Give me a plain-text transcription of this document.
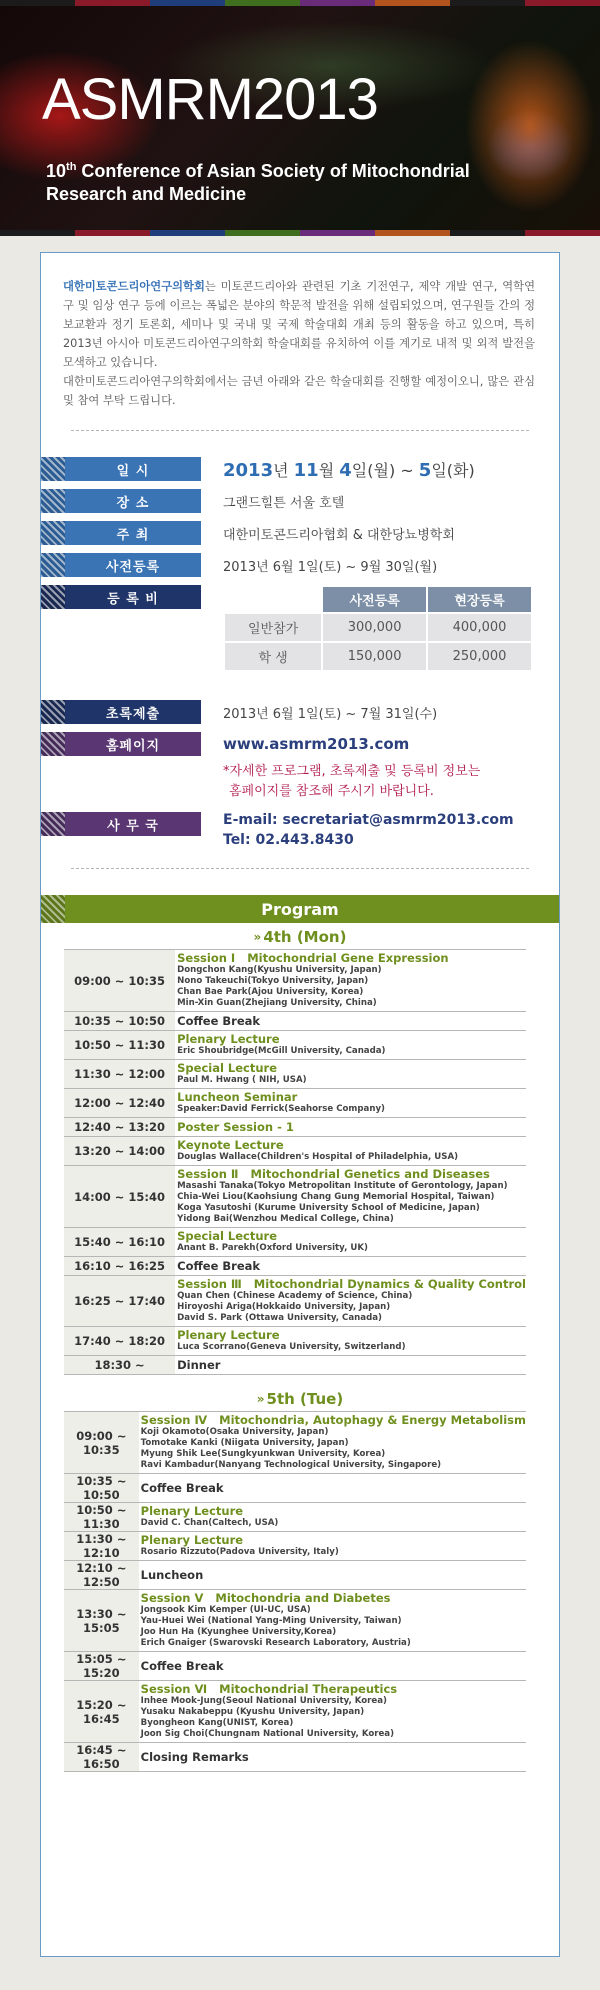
ASMRM2013
10th Conference of Asian Society of Mitochondrial
Research and Medicine

대한미토콘드리아연구의학회는 미토콘드리아와 관련된 기초 기전연구, 제약 개발 연구, 역학연구 및 임상 연구 등에 이르는 폭넓은 분야의 학문적 발전을 위해 설립되었으며, 연구원들 간의 정보교환과 정기 토론회, 세미나 및 국내 및 국제 학술대회 개최 등의 활동을 하고 있으며, 특히 2013년 아시아 미토콘드리아연구의학회 학술대회를 유치하여 이를 계기로 내적 및 외적 발전을 모색하고 있습니다.

대한미토콘드리아연구의학회에서는 금년 아래와 같은 학술대회를 진행할 예정이오니, 많은 관심 및 참여 부탁 드립니다.

일 시	2013년 11월 4일(월) ~ 5일(화)
장 소	그랜드힐튼 서울 호텔
주 최	대한미토콘드리아협회 & 대한당뇨병학회
사전등록	2013년 6월 1일(토) ~ 9월 30일(월)
등 록 비
		사전등록	현장등록
일반참가	300,000	400,000
학 생	150,000	250,000
초록제출	2013년 6월 1일(토) ~ 7월 31일(수)
홈페이지	www.asmrm2013.com
*자세한 프로그램, 초록제출 및 등록비 정보는
홈페이지를 참조해 주시기 바랍니다.
사 무 국	E-mail: secretariat@asmrm2013.com
Tel: 02.443.8430
Program
» 4th (Mon)
09:00 ~ 10:35	Session Ⅰ   Mitochondrial Gene Expression
Dongchon Kang(Kyushu University, Japan)
Nono Takeuchi(Tokyo University, Japan)
Chan Bae Park(Ajou University, Korea)
Min-Xin Guan(Zhejiang University, China)

10:35 ~ 10:50	Coffee Break

10:50 ~ 11:30	Plenary Lecture
Eric Shoubridge(McGill University, Canada)

11:30 ~ 12:00	Special Lecture
Paul M. Hwang ( NIH, USA)

12:00 ~ 12:40	Luncheon Seminar
Speaker:David Ferrick(Seahorse Company)

12:40 ~ 13:20	Poster Session - 1

13:20 ~ 14:00	Keynote Lecture
Douglas Wallace(Children's Hospital of Philadelphia, USA)

14:00 ~ 15:40	Session Ⅱ   Mitochondrial Genetics and Diseases
Masashi Tanaka(Tokyo Metropolitan Institute of Gerontology, Japan)
Chia-Wei Liou(Kaohsiung Chang Gung Memorial Hospital, Taiwan)
Koga Yasutoshi (Kurume University School of Medicine, Japan)
Yidong Bai(Wenzhou Medical College, China)

15:40 ~ 16:10	Special Lecture
Anant B. Parekh(Oxford University, UK)

16:10 ~ 16:25	Coffee Break

16:25 ~ 17:40	Session Ⅲ   Mitochondrial Dynamics & Quality Control
Quan Chen (Chinese Academy of Science, China)
Hiroyoshi Ariga(Hokkaido University, Japan)
David S. Park (Ottawa University, Canada)

17:40 ~ 18:20	Plenary Lecture
Luca Scorrano(Geneva University, Switzerland)

18:30 ~	Dinner
» 5th (Tue)
09:00 ~ 10:35	Session Ⅳ   Mitochondria, Autophagy & Energy Metabolism
Koji Okamoto(Osaka University, Japan)
Tomotake Kanki (Niigata University, Japan)
Myung Shik Lee(Sungkyunkwan University, Korea)
Ravi Kambadur(Nanyang Technological University, Singapore)

10:35 ~ 10:50	Coffee Break

10:50 ~ 11:30	Plenary Lecture
David C. Chan(Caltech, USA)

11:30 ~ 12:10	Plenary Lecture
Rosario Rizzuto(Padova University, Italy)

12:10 ~ 12:50	Luncheon

13:30 ~ 15:05	Session Ⅴ   Mitochondria and Diabetes
Jongsook Kim Kemper (UI-UC, USA)
Yau-Huei Wei (National Yang-Ming University, Taiwan)
Joo Hun Ha (Kyunghee University,Korea)
Erich Gnaiger (Swarovski Research Laboratory, Austria)

15:05 ~ 15:20	Coffee Break

15:20 ~ 16:45	Session Ⅵ   Mitochondrial Therapeutics
Inhee Mook-Jung(Seoul National University, Korea)
Yusaku Nakabeppu (Kyushu University, Japan)
Byongheon Kang(UNIST, Korea)
Joon Sig Choi(Chungnam National University, Korea)

16:45 ~ 16:50	Closing Remarks
